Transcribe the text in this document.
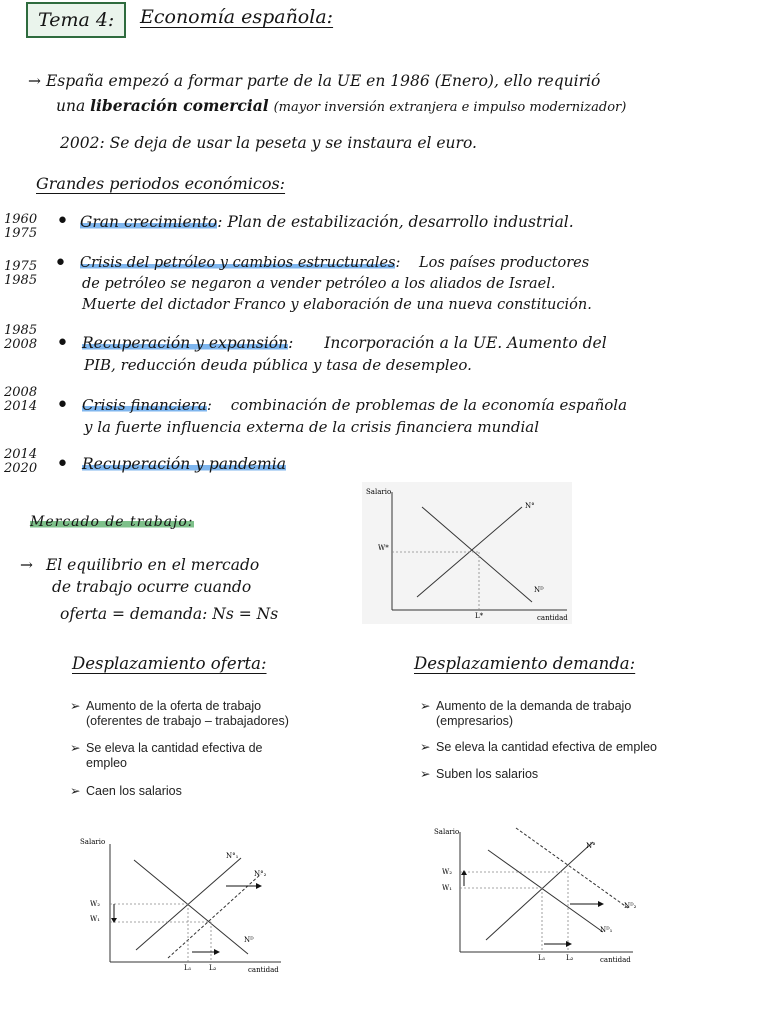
Tema 4: Economía española:
→ España empezó a formar parte de la UE en 1986 (Enero), ello requirió
una liberación comercial (mayor inversión extranjera e impulso modernizador)
2002: Se deja de usar la peseta y se instaura el euro.
Grandes periodos económicos:
1960
1975 • Gran crecimiento: Plan de estabilización, desarrollo industrial.
1975
1985
• Crisis del petróleo y cambios estructurales: Los países productores
de petróleo se negaron a vender petróleo a los aliados de Israel.
Muerte del dictador Franco y elaboración de una nueva constitución.
1985
2008 • Recuperación y expansión: Incorporación a la UE. Aumento del
PIB, reducción deuda pública y tasa de desempleo.
2008
2014 • Crisis financiera: combinación de problemas de la economía española
y la fuerte influencia externa de la crisis financiera mundial
2014
2020 • Recuperación y pandemia
Mercado de trabajo:
→ El equilibrio en el mercado
de trabajo ocurre cuando
oferta = demanda: Ns = Ns
Salario
cantidad
W*
L*
N°
Nᴰ
Desplazamiento oferta:
➢ Aumento de la oferta de trabajo
(oferentes de trabajo – trabajadores)
➢ Se eleva la cantidad efectiva de
empleo
➢ Caen los salarios
Salario
cantidad
W₂
W₁
L₁	L₂
N°₁
N°₂
Nᴰ
Desplazamiento demanda:
➢ Aumento de la demanda de trabajo
(empresarios)
➢ Se eleva la cantidad efectiva de empleo
➢ Suben los salarios
Salario
cantidad
W₂
W₁
L₁	L₂
N°
Nᴰ₁
Nᴰ₂
